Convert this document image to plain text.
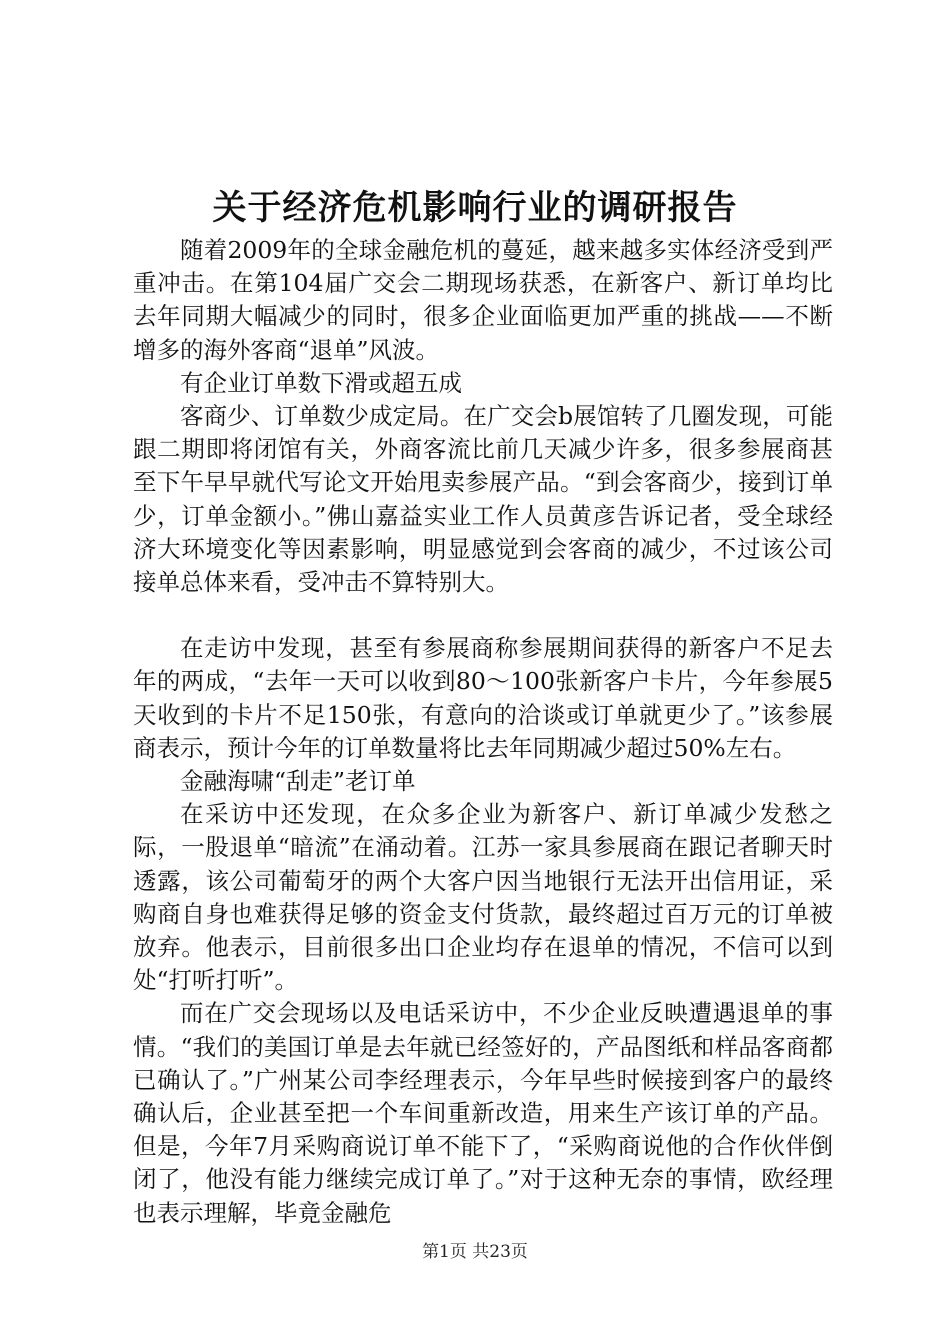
关于经济危机影响行业的调研报告

随着2009年的全球金融危机的蔓延，越来越多实体经济受到严重冲击。在第104届广交会二期现场获悉，在新客户、新订单均比去年同期大幅减少的同时，很多企业面临更加严重的挑战——不断增多的海外客商“退单”风波。

有企业订单数下滑或超五成

客商少、订单数少成定局。在广交会b展馆转了几圈发现，可能跟二期即将闭馆有关，外商客流比前几天减少许多，很多参展商甚至下午早早就代写论文开始甩卖参展产品。“到会客商少，接到订单少，订单金额小。”佛山嘉益实业工作人员黄彦告诉记者，受全球经济大环境变化等因素影响，明显感觉到会客商的减少，不过该公司接单总体来看，受冲击不算特别大。

在走访中发现，甚至有参展商称参展期间获得的新客户不足去年的两成，“去年一天可以收到80～100张新客户卡片，今年参展5天收到的卡片不足150张，有意向的洽谈或订单就更少了。”该参展商表示，预计今年的订单数量将比去年同期减少超过50%左右。

金融海啸“刮走”老订单

在采访中还发现，在众多企业为新客户、新订单减少发愁之际，一股退单“暗流”在涌动着。江苏一家具参展商在跟记者聊天时透露，该公司葡萄牙的两个大客户因当地银行无法开出信用证，采购商自身也难获得足够的资金支付货款，最终超过百万元的订单被放弃。他表示，目前很多出口企业均存在退单的情况，不信可以到处“打听打听”。

而在广交会现场以及电话采访中，不少企业反映遭遇退单的事情。“我们的美国订单是去年就已经签好的，产品图纸和样品客商都已确认了。”广州某公司李经理表示，今年早些时候接到客户的最终确认后，企业甚至把一个车间重新改造，用来生产该订单的产品。但是，今年7月采购商说订单不能下了，“采购商说他的合作伙伴倒闭了，他没有能力继续完成订单了。”对于这种无奈的事情，欧经理也表示理解，毕竟金融危

第1页 共23页
